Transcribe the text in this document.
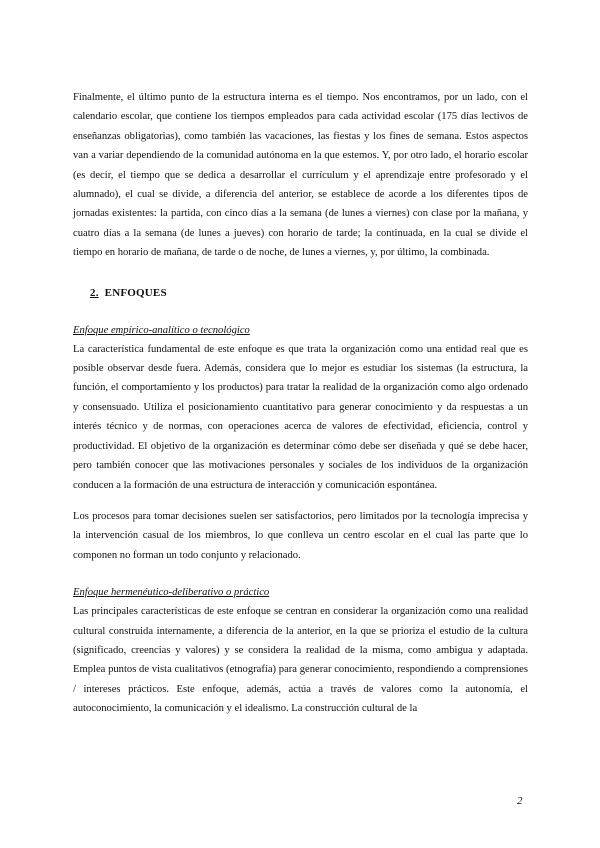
Finalmente, el último punto de la estructura interna es el tiempo. Nos encontramos, por un lado, con el calendario escolar, que contiene los tiempos empleados para cada actividad escolar (175 días lectivos de enseñanzas obligatorias), como también las vacaciones, las fiestas y los fines de semana. Estos aspectos van a variar dependiendo de la comunidad autónoma en la que estemos. Y, por otro lado, el horario escolar (es decir, el tiempo que se dedica a desarrollar el currículum y el aprendizaje entre profesorado y el alumnado), el cual se divide, a diferencia del anterior, se establece de acorde a los diferentes tipos de jornadas existentes: la partida, con cinco días a la semana (de lunes a viernes) con clase por la mañana, y cuatro días a la semana (de lunes a jueves) con horario de tarde; la continuada, en la cual se divide el tiempo en horario de mañana, de tarde o de noche, de lunes a viernes, y, por último, la combinada.

2. ENFOQUES
Enfoque empírico-analítico o tecnológico

La característica fundamental de este enfoque es que trata la organización como una entidad real que es posible observar desde fuera. Además, considera que lo mejor es estudiar los sistemas (la estructura, la función, el comportamiento y los productos) para tratar la realidad de la organización como algo ordenado y consensuado. Utiliza el posicionamiento cuantitativo para generar conocimiento y da respuestas a un interés técnico y de normas, con operaciones acerca de valores de efectividad, eficiencia, control y productividad. El objetivo de la organización es determinar cómo debe ser diseñada y qué se debe hacer, pero también conocer que las motivaciones personales y sociales de los individuos de la organización conducen a la formación de una estructura de interacción y comunicación espontánea.

Los procesos para tomar decisiones suelen ser satisfactorios, pero limitados por la tecnología imprecisa y la intervención casual de los miembros, lo que conlleva un centro escolar en el cual las parte que lo componen no forman un todo conjunto y relacionado.

Enfoque hermenéutico-deliberativo o práctico

Las principales características de este enfoque se centran en considerar la organización como una realidad cultural construida internamente, a diferencia de la anterior, en la que se prioriza el estudio de la cultura (significado, creencias y valores) y se considera la realidad de la misma, como ambigua y adaptada. Emplea puntos de vista cualitativos (etnografía) para generar conocimiento, respondiendo a comprensiones / intereses prácticos. Este enfoque, además, actúa a través de valores como la autonomía, el autoconocimiento, la comunicación y el idealismo. La construcción cultural de la

2
